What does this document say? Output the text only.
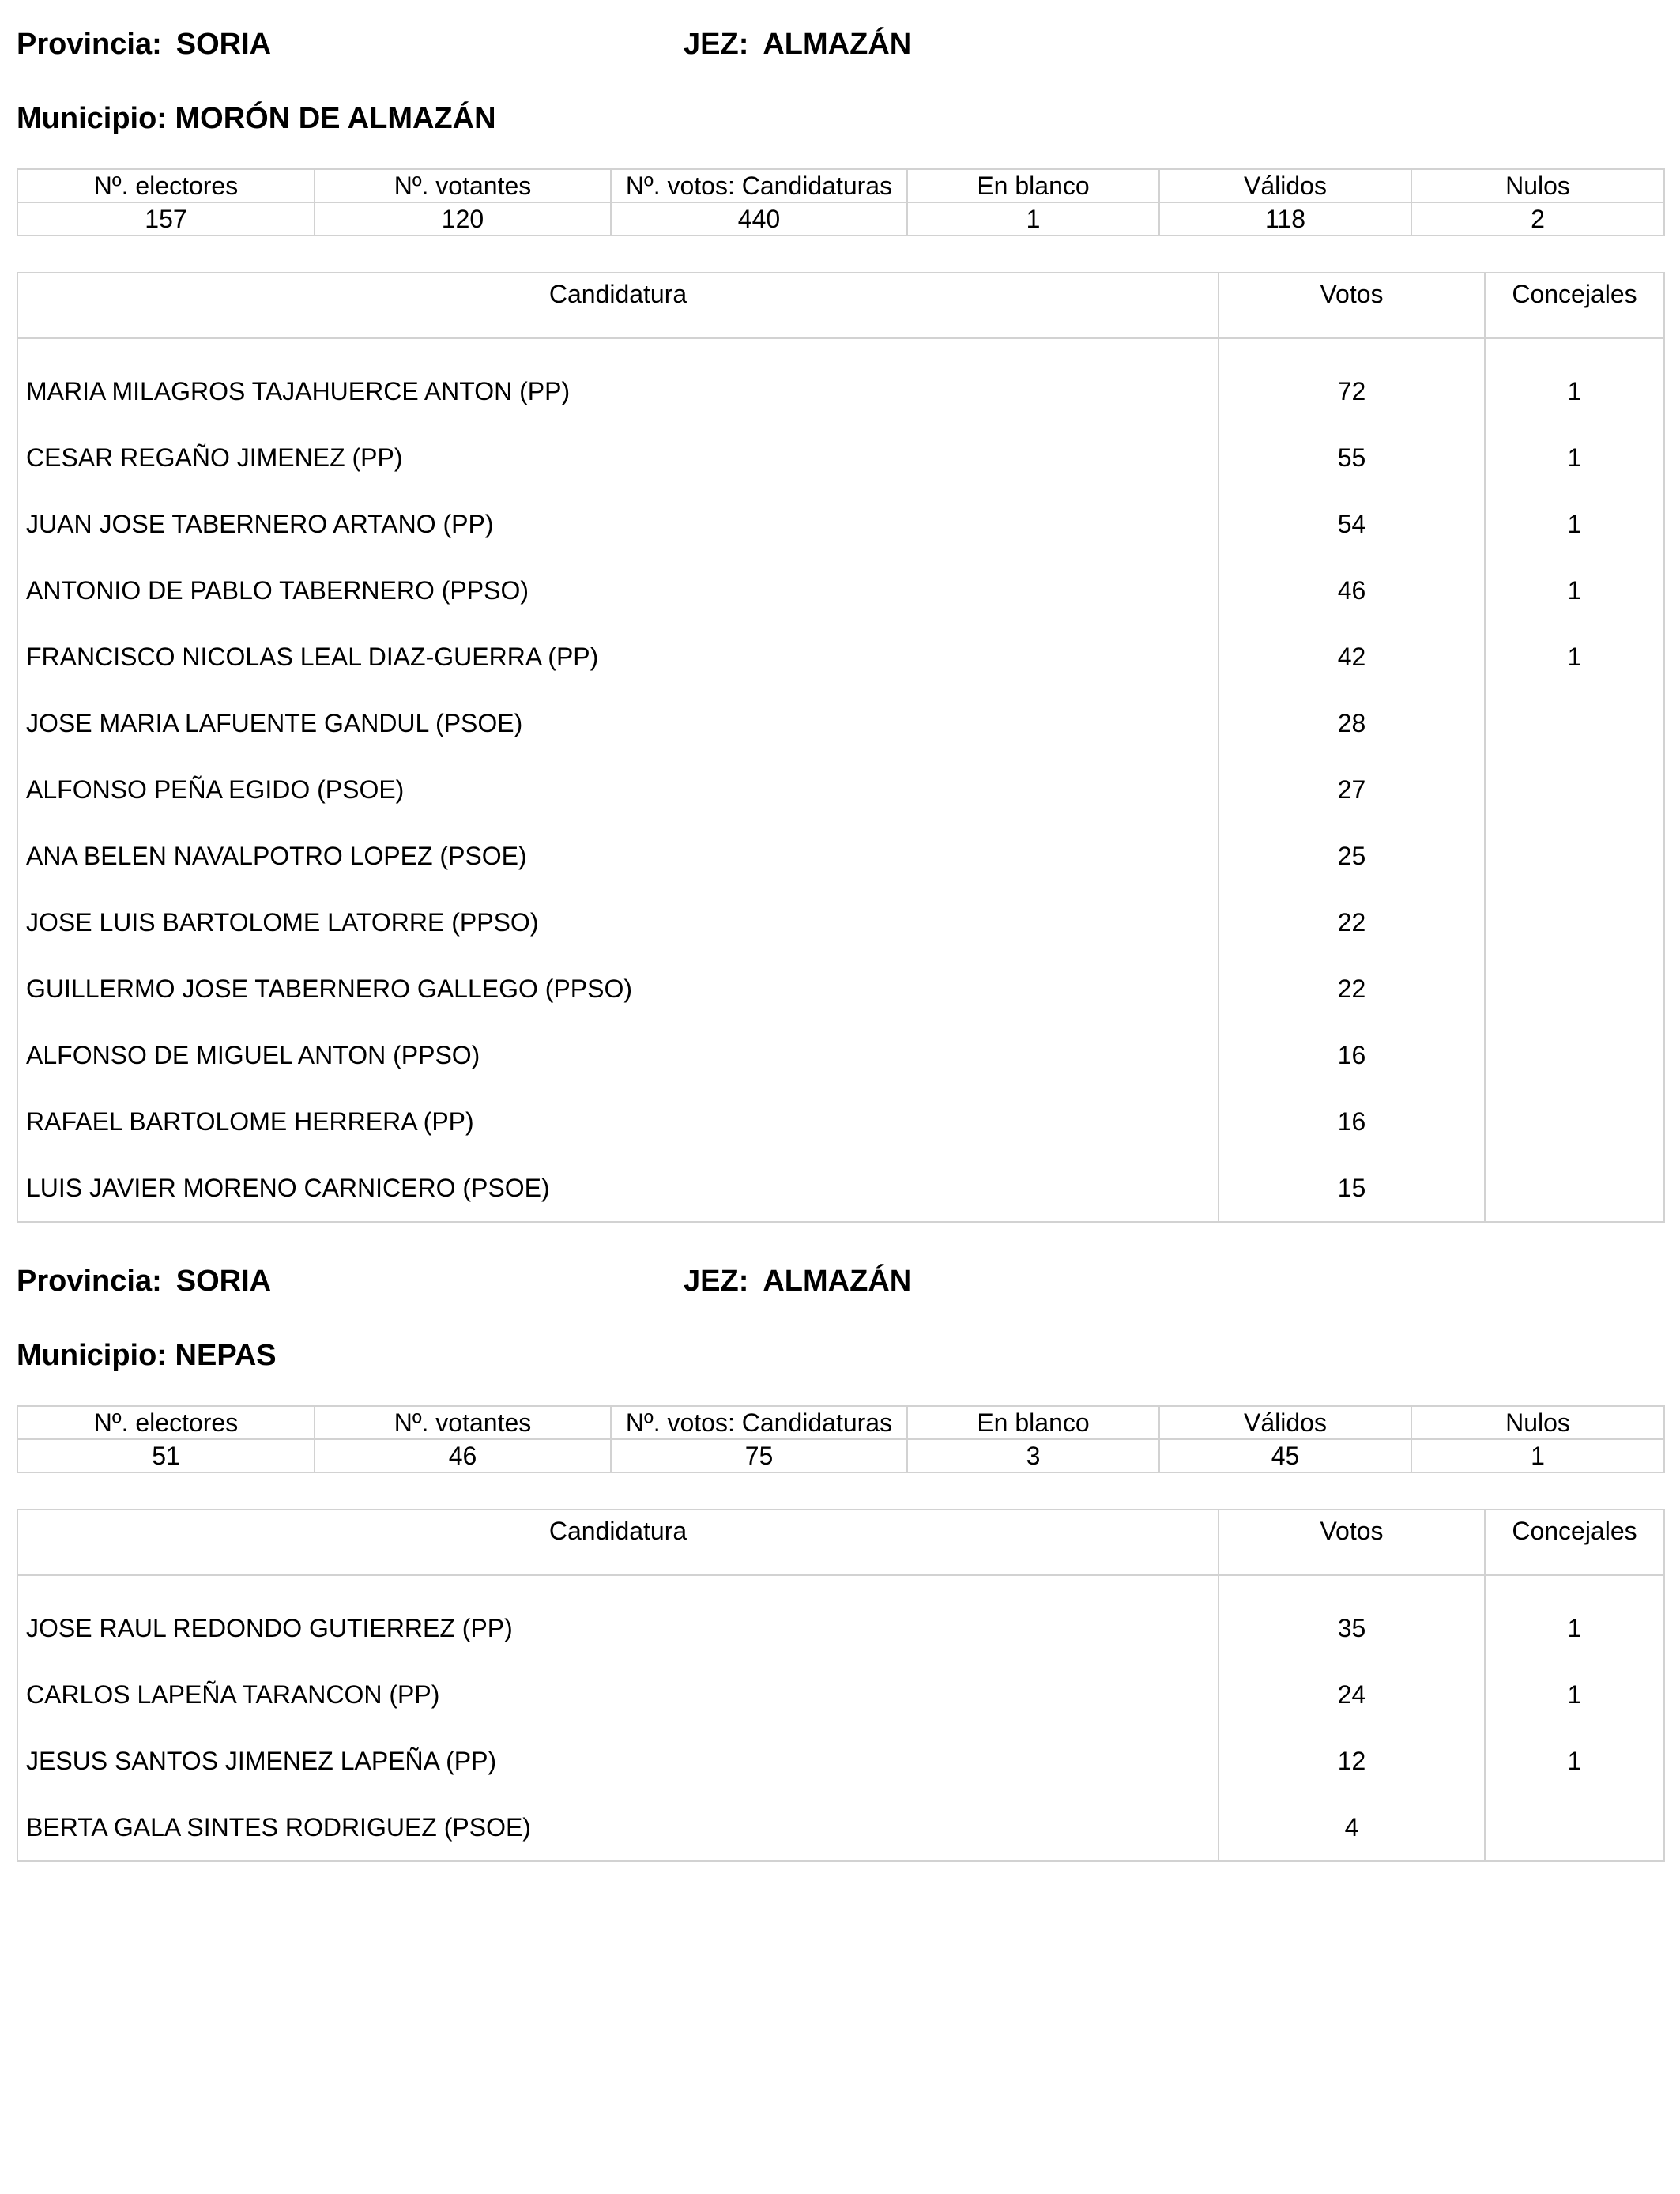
Provincia: SORIA	JEZ: ALMAZÁN
Municipio: MORÓN DE ALMAZÁN
Nº. electores	Nº. votantes	Nº. votos: Candidaturas	En blanco	Válidos	Nulos
157	120	440	1	118	2
Candidatura	Votos	Concejales
MARIA MILAGROS TAJAHUERCE ANTON (PP)	72	1
CESAR REGAÑO JIMENEZ (PP)	55	1
JUAN JOSE TABERNERO ARTANO (PP)	54	1
ANTONIO DE PABLO TABERNERO (PPSO)	46	1
FRANCISCO NICOLAS LEAL DIAZ-GUERRA (PP)	42	1
JOSE MARIA LAFUENTE GANDUL (PSOE)	28	
ALFONSO PEÑA EGIDO (PSOE)	27	
ANA BELEN NAVALPOTRO LOPEZ (PSOE)	25	
JOSE LUIS BARTOLOME LATORRE (PPSO)	22	
GUILLERMO JOSE TABERNERO GALLEGO (PPSO)	22	
ALFONSO DE MIGUEL ANTON (PPSO)	16	
RAFAEL BARTOLOME HERRERA (PP)	16	
LUIS JAVIER MORENO CARNICERO (PSOE)	15	
Provincia: SORIA	JEZ: ALMAZÁN
Municipio: NEPAS
Nº. electores	Nº. votantes	Nº. votos: Candidaturas	En blanco	Válidos	Nulos
51	46	75	3	45	1
Candidatura	Votos	Concejales
JOSE RAUL REDONDO GUTIERREZ (PP)	35	1
CARLOS LAPEÑA TARANCON (PP)	24	1
JESUS SANTOS JIMENEZ LAPEÑA (PP)	12	1
BERTA GALA SINTES RODRIGUEZ (PSOE)	4	
